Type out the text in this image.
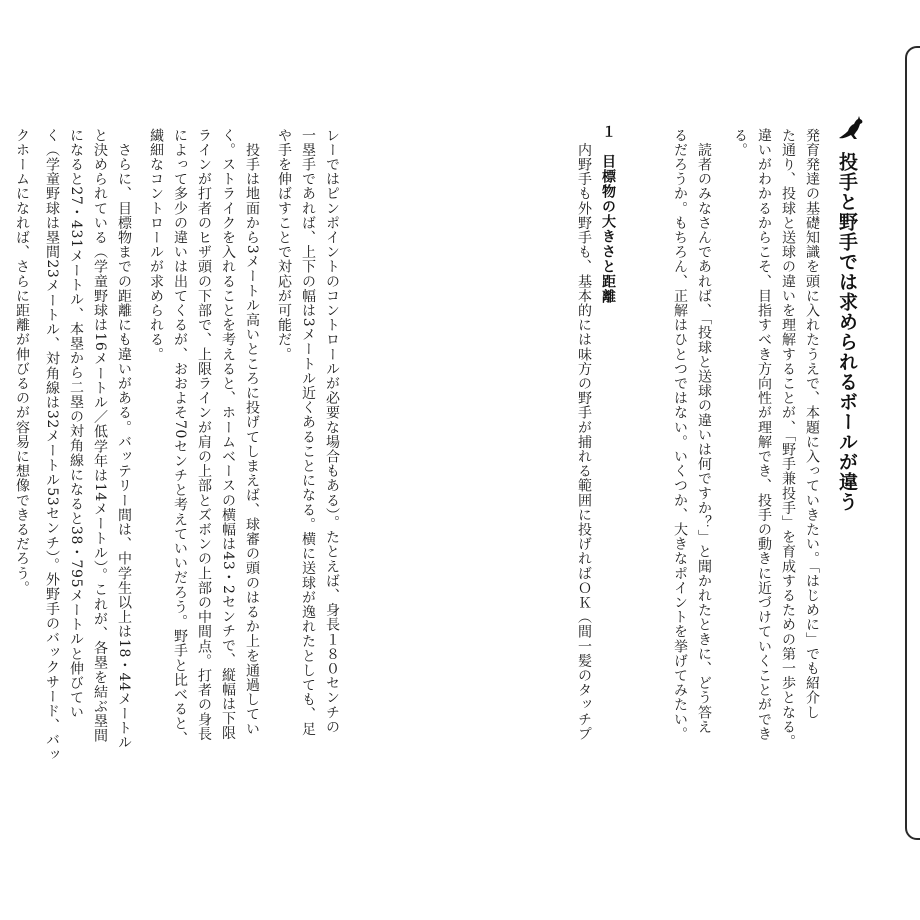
投手と野手では求められるボールが違う
発育発達の基礎知識を頭に入れたうえで、本題に入っていきたい。「はじめに」でも紹介し
た通り、投球と送球の違いを理解することが、「野手兼投手」を育成するための第一歩となる。
違いがわかるからこそ、目指すべき方向性が理解でき、投手の動きに近づけていくことができ
る。
　読者のみなさんであれば、「投球と送球の違いは何ですか？」と聞かれたときに、どう答え
るだろうか。もちろん、正解はひとつではない。いくつか、大きなポイントを挙げてみたい。
１　目標物の大きさと距離
　内野手も外野手も、基本的には味方の野手が捕れる範囲に投げればＯＫ（間一髪のタッチプ
レーではピンポイントのコントロールが必要な場合もある）。たとえば、身長１８０センチの
一塁手であれば、上下の幅は3メートル近くあることになる。横に送球が逸れたとしても、足
や手を伸ばすことで対応が可能だ。
　投手は地面から3メートル高いところに投げてしまえば、球審の頭のはるか上を通過してい
く。ストライクを入れることを考えると、ホームベースの横幅は43・2センチで、縦幅は下限
ラインが打者のヒザ頭の下部で、上限ラインが肩の上部とズボンの上部の中間点。打者の身長
によって多少の違いは出てくるが、おおよそ70センチと考えていいだろう。野手と比べると、
繊細なコントロールが求められる。
　さらに、目標物までの距離にも違いがある。バッテリー間は、中学生以上は18・44メートル
と決められている（学童野球は16メートル／低学年は14メートル）。これが、各塁を結ぶ塁間
になると27・431メートル、本塁から二塁の対角線になると38・795メートルと伸びてい
く（学童野球は塁間23メートル、対角線は32メートル53センチ）。外野手のバックサード、バッ
クホームになれば、さらに距離が伸びるのが容易に想像できるだろう。
